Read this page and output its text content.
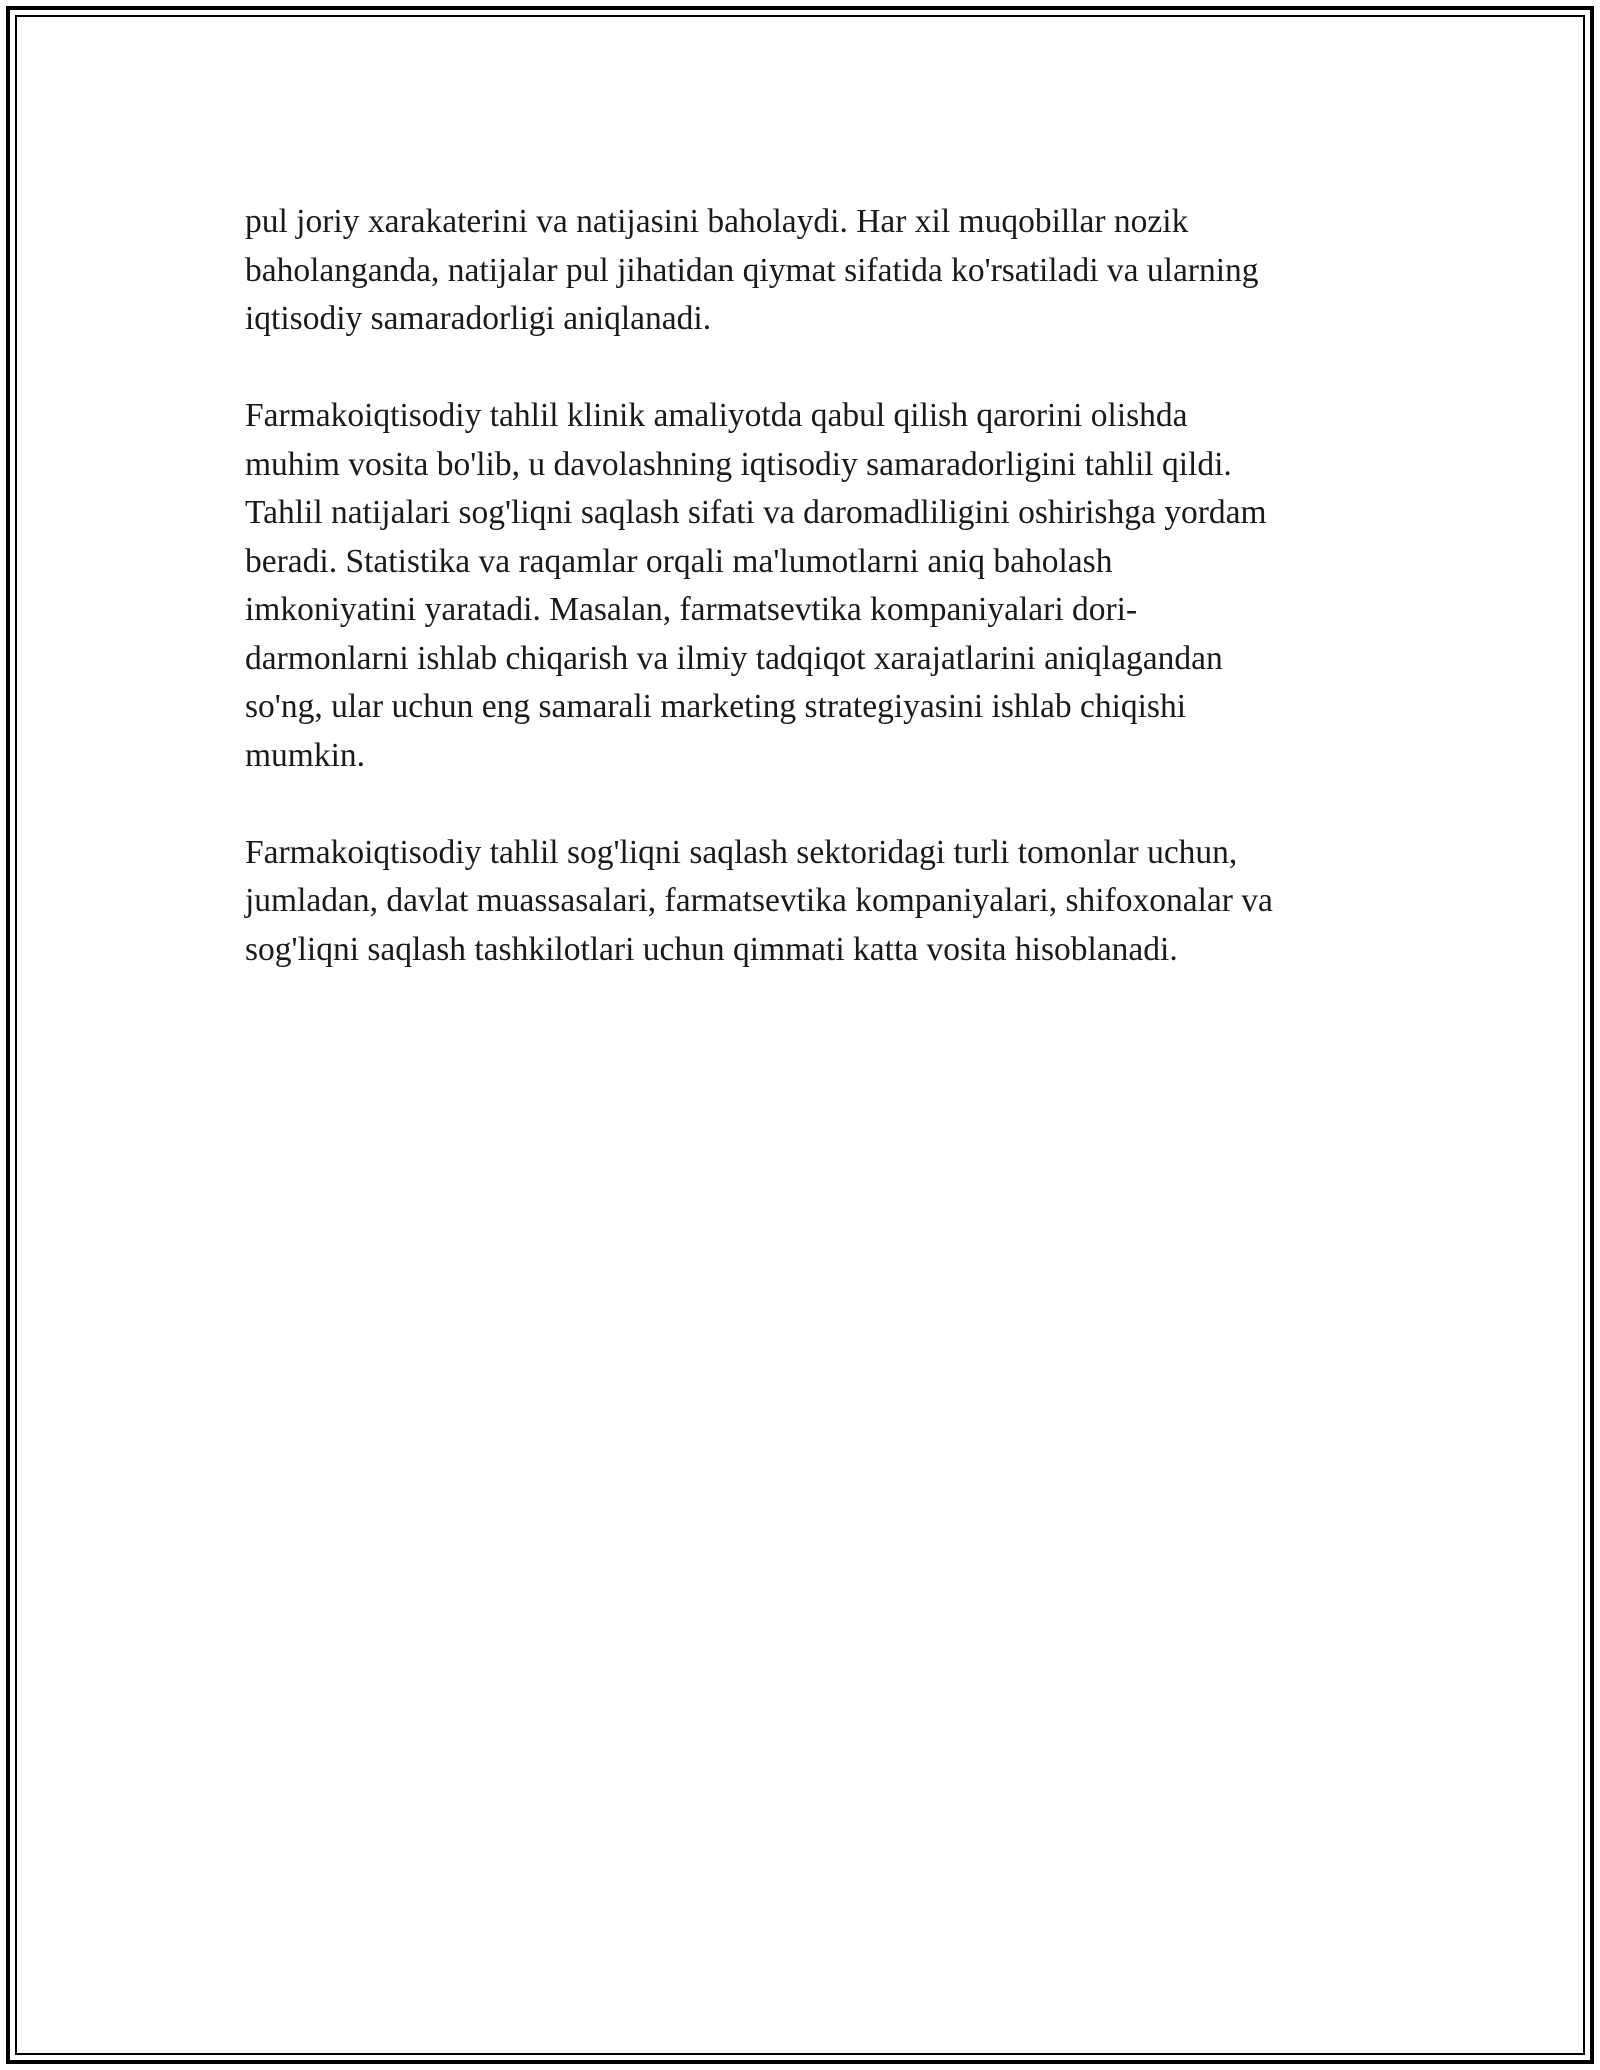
pul joriy xarakaterini va natijasini baholaydi. Har xil muqobillar nozik
baholanganda, natijalar pul jihatidan qiymat sifatida ko'rsatiladi va ularning
iqtisodiy samaradorligi aniqlanadi.

Farmakoiqtisodiy tahlil klinik amaliyotda qabul qilish qarorini olishda
muhim vosita bo'lib, u davolashning iqtisodiy samaradorligini tahlil qildi.
Tahlil natijalari sog'liqni saqlash sifati va daromadliligini oshirishga yordam
beradi. Statistika va raqamlar orqali ma'lumotlarni aniq baholash
imkoniyatini yaratadi. Masalan, farmatsevtika kompaniyalari dori-
darmonlarni ishlab chiqarish va ilmiy tadqiqot xarajatlarini aniqlagandan
so'ng, ular uchun eng samarali marketing strategiyasini ishlab chiqishi
mumkin.

Farmakoiqtisodiy tahlil sog'liqni saqlash sektoridagi turli tomonlar uchun,
jumladan, davlat muassasalari, farmatsevtika kompaniyalari, shifoxonalar va
sog'liqni saqlash tashkilotlari uchun qimmati katta vosita hisoblanadi.
